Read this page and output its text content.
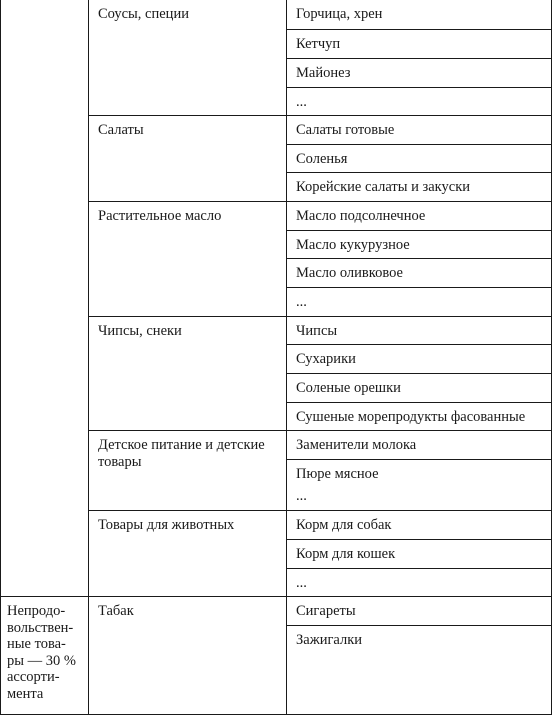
Непродо-
вольствен-
ные това-
ры — 30 %
ассорти-
мента
Соусы, специи
Салаты
Растительное масло
Чипсы, снеки
Детское питание и детские товары
Товары для животных
Табак
Горчица, хрен
Кетчуп
Майонез
...
Салаты готовые
Соленья
Корейские салаты и закуски
Масло подсолнечное
Масло кукурузное
Масло оливковое
...
Чипсы
Сухарики
Соленые орешки
Сушеные морепродукты фасованные
Заменители молока
Пюре мясное
...
Корм для собак
Корм для кошек
...
Сигареты
Зажигалки
